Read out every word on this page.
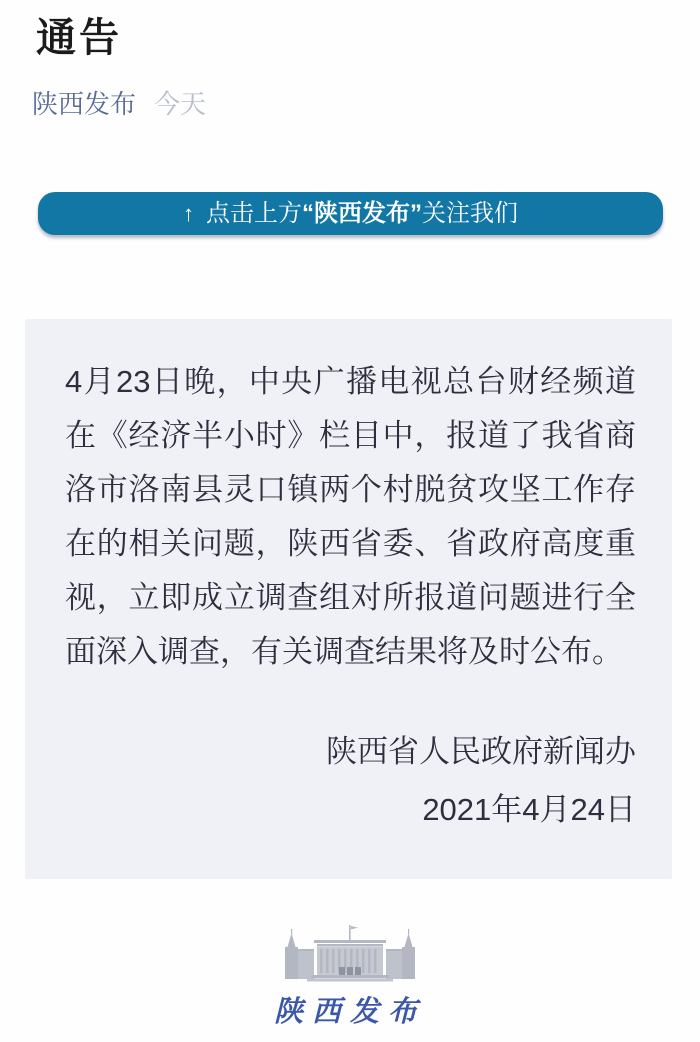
通告
陕西发布 今天
↑ 点击上方“陕西发布”关注我们

4月23日晚，中央广播电视总台财经频道在《经济半小时》栏目中，报道了我省商洛市洛南县灵口镇两个村脱贫攻坚工作存在的相关问题，陕西省委、省政府高度重视，立即成立调查组对所报道问题进行全面深入调查，有关调查结果将及时公布。

陕西省人民政府新闻办
2021年4月24日
陕西发布
